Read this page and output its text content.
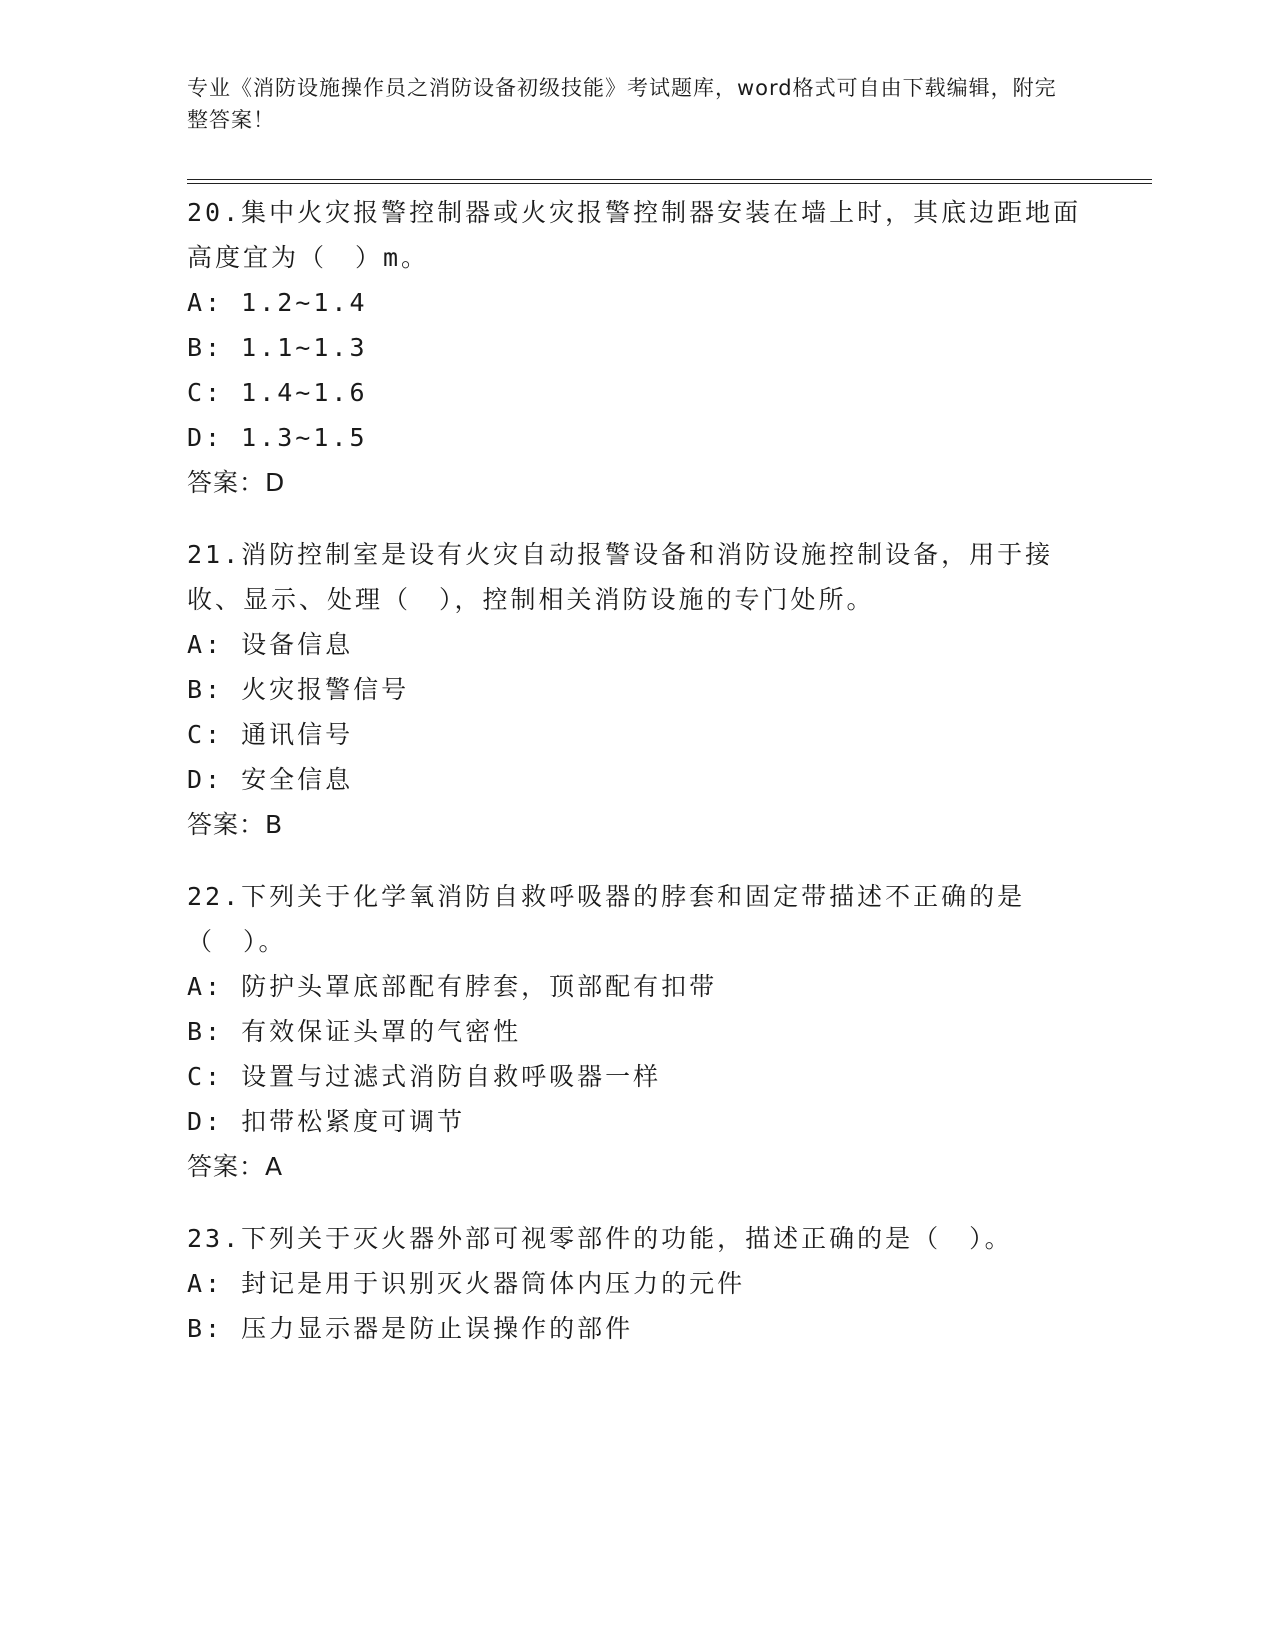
专业《消防设施操作员之消防设备初级技能》考试题库，word格式可自由下载编辑，附完整答案！

20.集中火灾报警控制器或火灾报警控制器安装在墙上时，其底边距地面高度宜为（　）m。

A: 1.2~1.4

B: 1.1~1.3

C: 1.4~1.6

D: 1.3~1.5

答案：D

21.消防控制室是设有火灾自动报警设备和消防设施控制设备，用于接收、显示、处理（　），控制相关消防设施的专门处所。

A: 设备信息

B: 火灾报警信号

C: 通讯信号

D: 安全信息

答案：B

22.下列关于化学氧消防自救呼吸器的脖套和固定带描述不正确的是（　）。

A: 防护头罩底部配有脖套，顶部配有扣带

B: 有效保证头罩的气密性

C: 设置与过滤式消防自救呼吸器一样

D: 扣带松紧度可调节

答案：A

23.下列关于灭火器外部可视零部件的功能，描述正确的是（　）。

A: 封记是用于识别灭火器筒体内压力的元件

B: 压力显示器是防止误操作的部件
